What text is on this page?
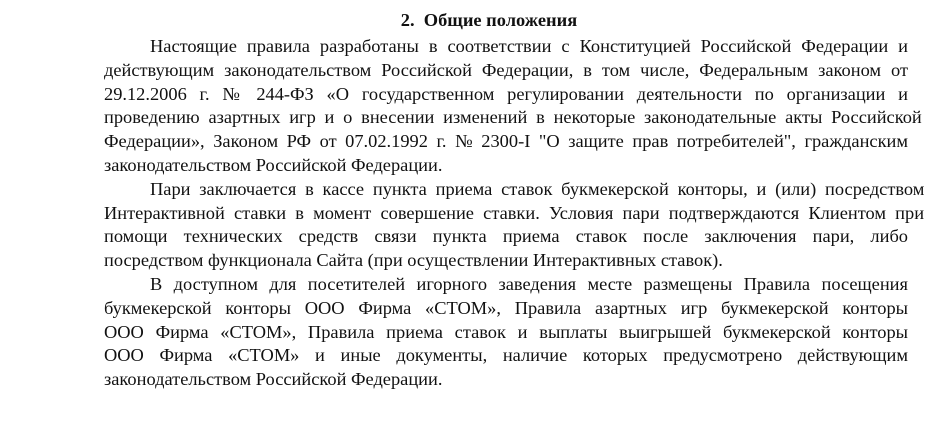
2. Общие положения
Настоящие правила разработаны в соответствии с Конституцией Российской Федерации и
действующим законодательством Российской Федерации, в том числе, Федеральным законом от
29.12.2006 г. № 244-ФЗ «О государственном регулировании деятельности по организации и
проведению азартных игр и о внесении изменений в некоторые законодательные акты Российской
Федерации», Законом РФ от 07.02.1992 г. № 2300-I "О защите прав потребителей", гражданским
законодательством Российской Федерации.
Пари заключается в кассе пункта приема ставок букмекерской конторы, и (или) посредством
Интерактивной ставки в момент совершение ставки. Условия пари подтверждаются Клиентом при
помощи технических средств связи пункта приема ставок после заключения пари, либо
посредством функционала Сайта (при осуществлении Интерактивных ставок).
В доступном для посетителей игорного заведения месте размещены Правила посещения
букмекерской конторы ООО Фирма «СТОМ», Правила азартных игр букмекерской конторы
ООО Фирма «СТОМ», Правила приема ставок и выплаты выигрышей букмекерской конторы
ООО Фирма «СТОМ» и иные документы, наличие которых предусмотрено действующим
законодательством Российской Федерации.
